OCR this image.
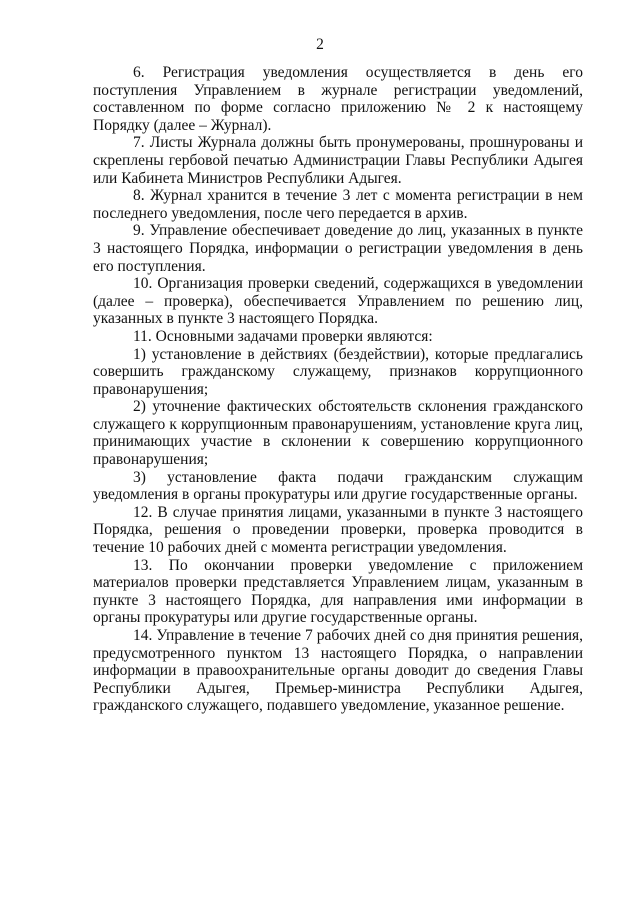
2

6. Регистрация уведомления осуществляется в день его поступления Управлением в журнале регистрации уведомлений, составленном по форме согласно приложению № 2 к настоящему Порядку (далее – Журнал).

7. Листы Журнала должны быть пронумерованы, прошнурованы и скреплены гербовой печатью Администрации Главы Республики Адыгея или Кабинета Министров Республики Адыгея.

8. Журнал хранится в течение 3 лет с момента регистрации в нем последнего уведомления, после чего передается в архив.

9. Управление обеспечивает доведение до лиц, указанных в пункте 3 настоящего Порядка, информации о регистрации уведомления в день его поступления.

10. Организация проверки сведений, содержащихся в уведомлении (далее – проверка), обеспечивается Управлением по решению лиц, указанных в пункте 3 настоящего Порядка.

11. Основными задачами проверки являются:

1) установление в действиях (бездействии), которые предлагались совершить гражданскому служащему, признаков коррупционного правонарушения;

2) уточнение фактических обстоятельств склонения гражданского служащего к коррупционным правонарушениям, установление круга лиц, принимающих участие в склонении к совершению коррупционного правонарушения;

3) установление факта подачи гражданским служащим уведомления в органы прокуратуры или другие государственные органы.

12. В случае принятия лицами, указанными в пункте 3 настоящего Порядка, решения о проведении проверки, проверка проводится в течение 10 рабочих дней с момента регистрации уведомления.

13. По окончании проверки уведомление с приложением материалов проверки представляется Управлением лицам, указанным в пункте 3 настоящего Порядка, для направления ими информации в органы прокуратуры или другие государственные органы.

14. Управление в течение 7 рабочих дней со дня принятия решения, предусмотренного пунктом 13 настоящего Порядка, о направлении информации в правоохранительные органы доводит до сведения Главы Республики Адыгея, Премьер-министра Республики Адыгея, гражданского служащего, подавшего уведомление, указанное решение.
